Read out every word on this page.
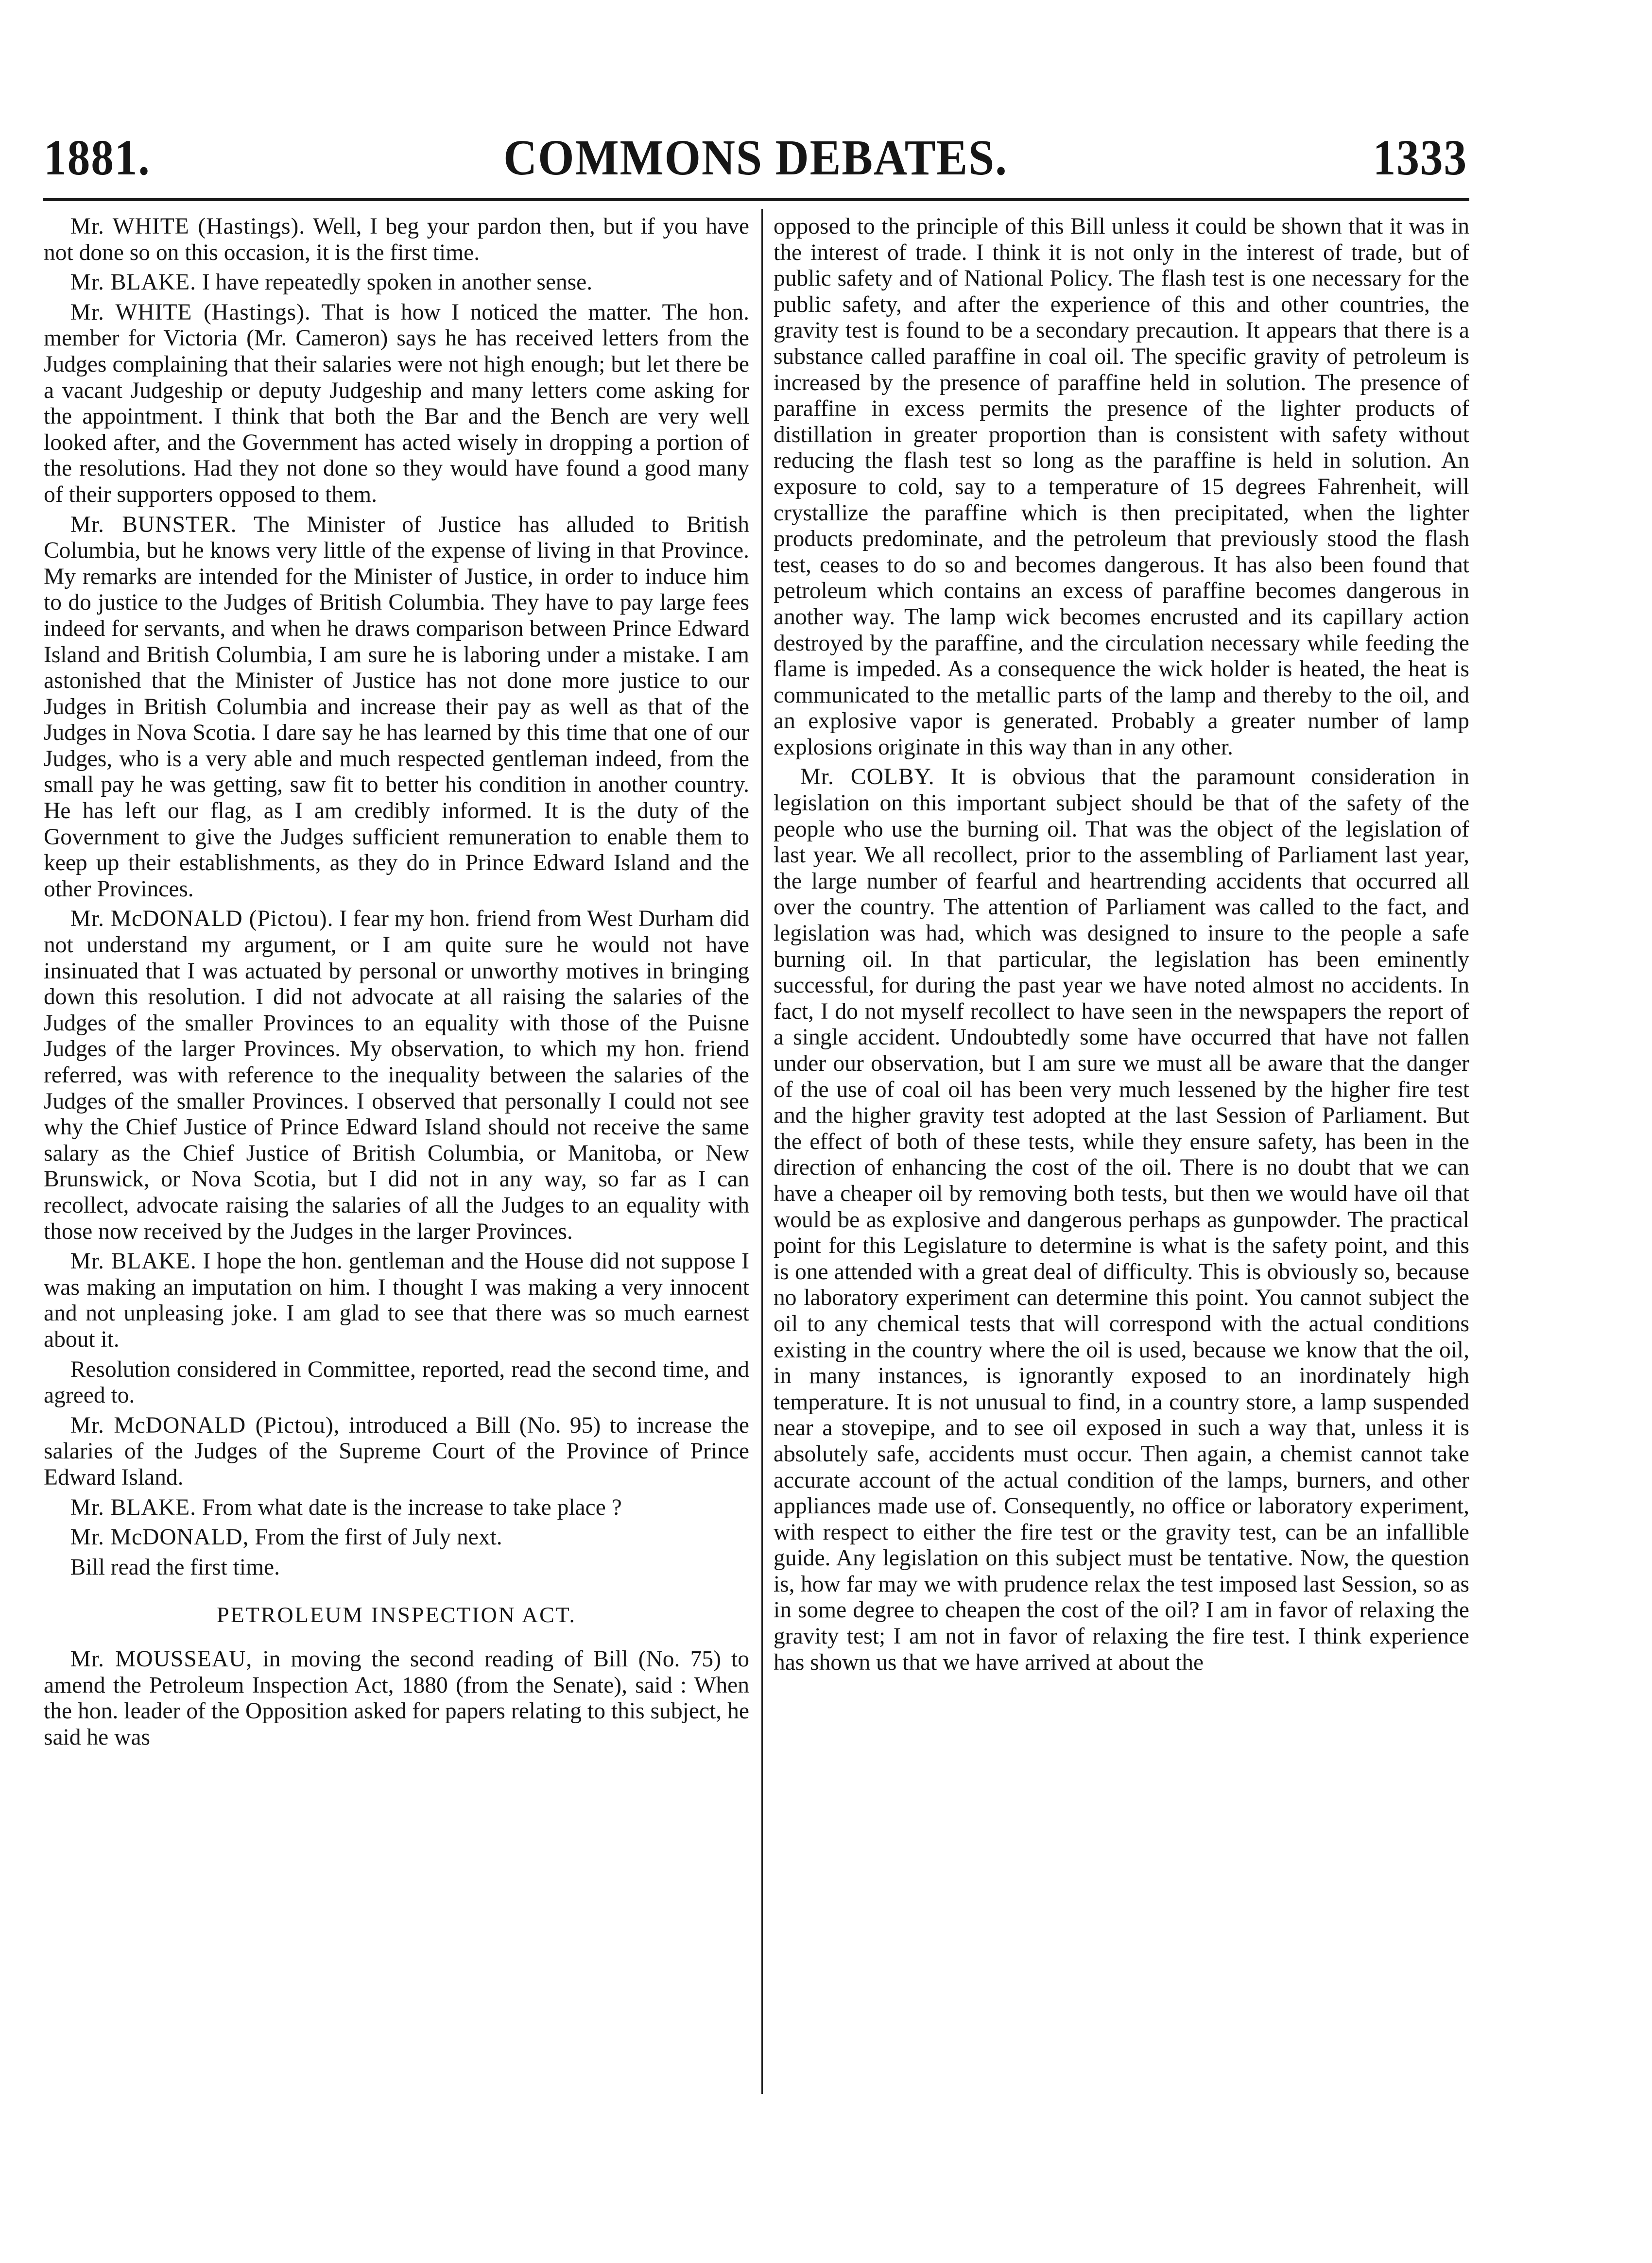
1881.	COMMONS DEBATES.	1333

Mr. WHITE (Hastings). Well, I beg your pardon then, but if you have not done so on this occasion, it is the first time.

Mr. BLAKE. I have repeatedly spoken in another sense.

Mr. WHITE (Hastings). That is how I noticed the matter. The hon. member for Victoria (Mr. Cameron) says he has received letters from the Judges complaining that their salaries were not high enough; but let there be a vacant Judgeship or deputy Judgeship and many letters come asking for the appointment. I think that both the Bar and the Bench are very well looked after, and the Government has acted wisely in dropping a portion of the resolutions. Had they not done so they would have found a good many of their supporters opposed to them.

Mr. BUNSTER. The Minister of Justice has alluded to British Columbia, but he knows very little of the expense of living in that Province. My remarks are intended for the Minister of Justice, in order to induce him to do justice to the Judges of British Columbia. They have to pay large fees indeed for servants, and when he draws comparison between Prince Edward Island and British Columbia, I am sure he is laboring under a mistake. I am astonished that the Minister of Justice has not done more justice to our Judges in British Columbia and increase their pay as well as that of the Judges in Nova Scotia. I dare say he has learned by this time that one of our Judges, who is a very able and much respected gentleman indeed, from the small pay he was getting, saw fit to better his condition in another country. He has left our flag, as I am credibly informed. It is the duty of the Government to give the Judges sufficient remuneration to enable them to keep up their establishments, as they do in Prince Edward Island and the other Provinces.

Mr. McDONALD (Pictou). I fear my hon. friend from West Durham did not understand my argument, or I am quite sure he would not have insinuated that I was actuated by personal or unworthy motives in bringing down this resolution. I did not advocate at all raising the salaries of the Judges of the smaller Provinces to an equality with those of the Puisne Judges of the larger Provinces. My observation, to which my hon. friend referred, was with reference to the inequality between the salaries of the Judges of the smaller Provinces. I observed that personally I could not see why the Chief Justice of Prince Edward Island should not receive the same salary as the Chief Justice of British Columbia, or Manitoba, or New Brunswick, or Nova Scotia, but I did not in any way, so far as I can recollect, advocate raising the salaries of all the Judges to an equality with those now received by the Judges in the larger Provinces.

Mr. BLAKE. I hope the hon. gentleman and the House did not suppose I was making an imputation on him. I thought I was making a very innocent and not unpleasing joke. I am glad to see that there was so much earnest about it.

Resolution considered in Committee, reported, read the second time, and agreed to.

Mr. McDONALD (Pictou), introduced a Bill (No. 95) to increase the salaries of the Judges of the Supreme Court of the Province of Prince Edward Island.

Mr. BLAKE. From what date is the increase to take place ?

Mr. McDONALD, From the first of July next.

Bill read the first time.

PETROLEUM INSPECTION ACT.

Mr. MOUSSEAU, in moving the second reading of Bill (No. 75) to amend the Petroleum Inspection Act, 1880 (from the Senate), said : When the hon. leader of the Opposition asked for papers relating to this subject, he said he was

opposed to the principle of this Bill unless it could be shown that it was in the interest of trade. I think it is not only in the interest of trade, but of public safety and of National Policy. The flash test is one necessary for the public safety, and after the experience of this and other countries, the gravity test is found to be a secondary precaution. It appears that there is a substance called paraffine in coal oil. The specific gravity of petroleum is increased by the presence of paraffine held in solution. The presence of paraffine in excess permits the presence of the lighter products of distillation in greater proportion than is consistent with safety without reducing the flash test so long as the paraffine is held in solution. An exposure to cold, say to a temperature of 15 degrees Fahrenheit, will crystallize the paraffine which is then precipitated, when the lighter products predominate, and the petroleum that previously stood the flash test, ceases to do so and becomes dangerous. It has also been found that petroleum which contains an excess of paraffine becomes dangerous in another way. The lamp wick becomes encrusted and its capillary action destroyed by the paraffine, and the circulation necessary while feeding the flame is impeded. As a consequence the wick holder is heated, the heat is communicated to the metallic parts of the lamp and thereby to the oil, and an explosive vapor is generated. Probably a greater number of lamp explosions originate in this way than in any other.

Mr. COLBY. It is obvious that the paramount consideration in legislation on this important subject should be that of the safety of the people who use the burning oil. That was the object of the legislation of last year. We all recollect, prior to the assembling of Parliament last year, the large number of fearful and heartrending accidents that occurred all over the country. The attention of Parliament was called to the fact, and legislation was had, which was designed to insure to the people a safe burning oil. In that particular, the legislation has been eminently successful, for during the past year we have noted almost no accidents. In fact, I do not myself recollect to have seen in the newspapers the report of a single accident. Undoubtedly some have occurred that have not fallen under our observation, but I am sure we must all be aware that the danger of the use of coal oil has been very much lessened by the higher fire test and the higher gravity test adopted at the last Session of Parliament. But the effect of both of these tests, while they ensure safety, has been in the direction of enhancing the cost of the oil. There is no doubt that we can have a cheaper oil by removing both tests, but then we would have oil that would be as explosive and dangerous perhaps as gunpowder. The practical point for this Legislature to determine is what is the safety point, and this is one attended with a great deal of difficulty. This is obviously so, because no laboratory experiment can determine this point. You cannot subject the oil to any chemical tests that will correspond with the actual conditions existing in the country where the oil is used, because we know that the oil, in many instances, is ignorantly exposed to an inordinately high temperature. It is not unusual to find, in a country store, a lamp suspended near a stovepipe, and to see oil exposed in such a way that, unless it is absolutely safe, accidents must occur. Then again, a chemist cannot take accurate account of the actual condition of the lamps, burners, and other appliances made use of. Consequently, no office or laboratory experiment, with respect to either the fire test or the gravity test, can be an infallible guide. Any legislation on this subject must be tentative. Now, the question is, how far may we with prudence relax the test imposed last Session, so as in some degree to cheapen the cost of the oil? I am in favor of relaxing the gravity test; I am not in favor of relaxing the fire test. I think experience has shown us that we have arrived at about the
